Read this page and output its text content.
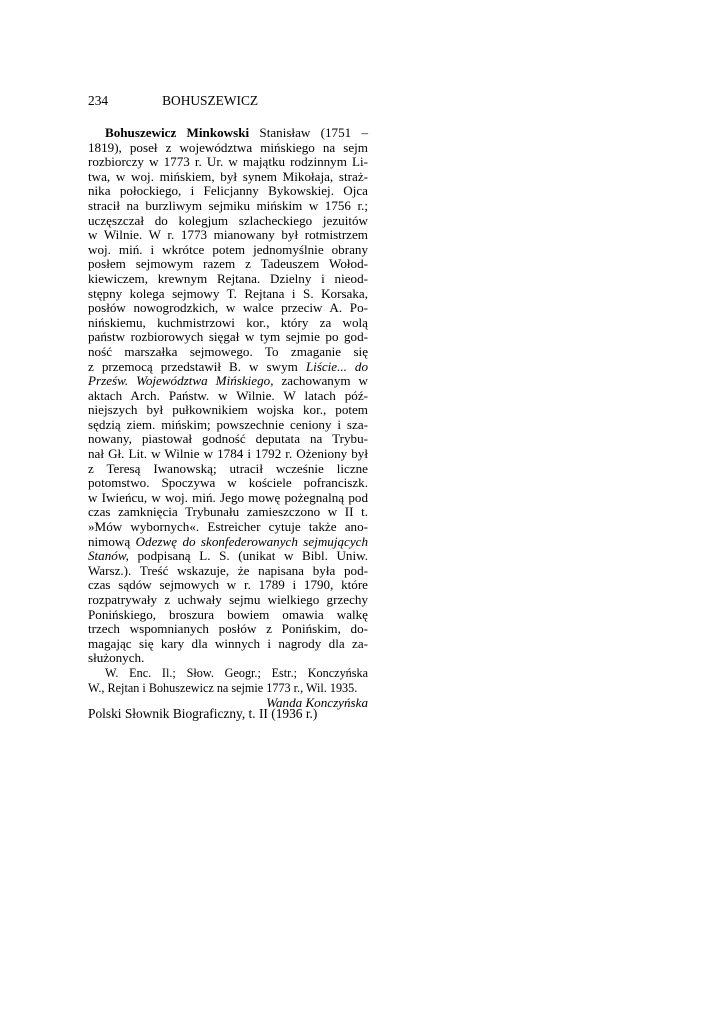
234	BOHUSZEWICZ
Bohuszewicz Minkowski Stanisław (1751 –
1819), poseł z województwa mińskiego na sejm
rozbiorczy w 1773 r. Ur. w majątku rodzinnym Li-
twa, w woj. mińskiem, był synem Mikołaja, straż-
nika połockiego, i Felicjanny Bykowskiej. Ojca
stracił na burzliwym sejmiku mińskim w 1756 r.;
uczęszczał do kolegjum szlacheckiego jezuitów
w Wilnie. W r. 1773 mianowany był rotmistrzem
woj. miń. i wkrótce potem jednomyślnie obrany
posłem sejmowym razem z Tadeuszem Wołod-
kiewiczem, krewnym Rejtana. Dzielny i nieod-
stępny kolega sejmowy T. Rejtana i S. Korsaka,
posłów nowogrodzkich, w walce przeciw A. Po-
nińskiemu, kuchmistrzowi kor., który za wolą
państw rozbiorowych sięgał w tym sejmie po god-
ność marszałka sejmowego. To zmaganie się
z przemocą przedstawił B. w swym Liście... do
Prześw. Województwa Mińskiego, zachowanym w
aktach Arch. Państw. w Wilnie. W latach póź-
niejszych był pułkownikiem wojska kor., potem
sędzią ziem. mińskim; powszechnie ceniony i sza-
nowany, piastował godność deputata na Trybu-
nał Gł. Lit. w Wilnie w 1784 i 1792 r. Ożeniony był
z Teresą Iwanowską; utracił wcześnie liczne
potomstwo. Spoczywa w kościele pofranciszk.
w Iwieńcu, w woj. miń. Jego mowę pożegnalną pod
czas zamknięcia Trybunału zamieszczono w II t.
»Mów wybornych«. Estreicher cytuje także ano-
nimową Odezwę do skonfederowanych sejmujących
Stanów, podpisaną L. S. (unikat w Bibl. Uniw.
Warsz.). Treść wskazuje, że napisana była pod-
czas sądów sejmowych w r. 1789 i 1790, które
rozpatrywały z uchwały sejmu wielkiego grzechy
Ponińskiego, broszura bowiem omawia walkę
trzech wspomnianych posłów z Ponińskim, do-
magając się kary dla winnych i nagrody dla za-
służonych.
W. Enc. Il.; Słow. Geogr.; Estr.; Konczyńska
W., Rejtan i Bohuszewicz na sejmie 1773 r., Wil. 1935.
Wanda Konczyńska
Polski Słownik Biograficzny, t. II (1936 r.)
